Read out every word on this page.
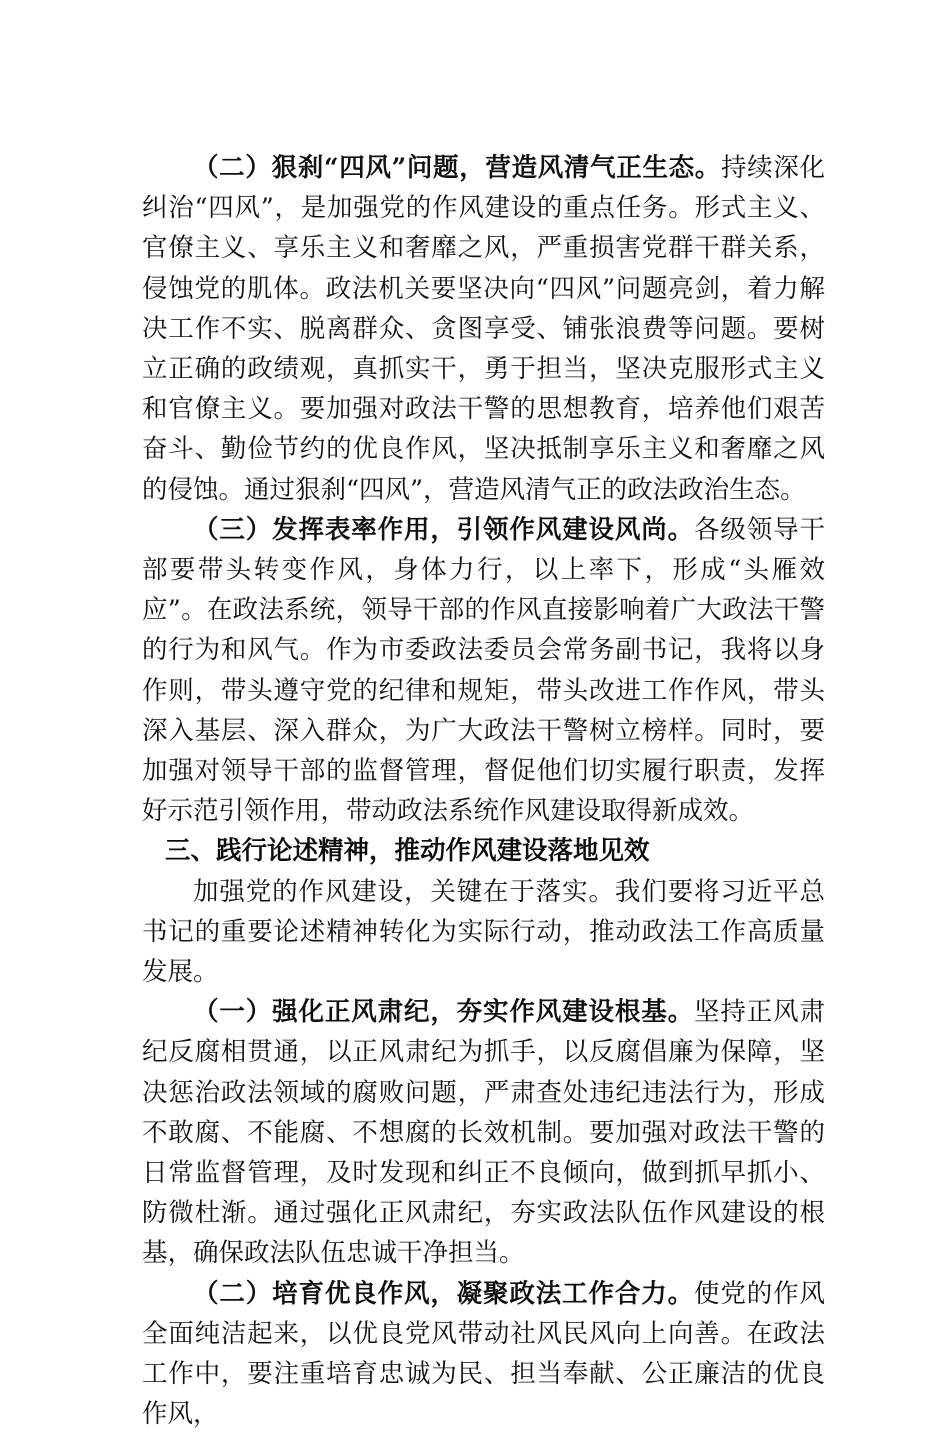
（二）狠刹“四风”问题，营造风清气正生态。持续深化纠治“四风”，是加强党的作风建设的重点任务。形式主义、官僚主义、享乐主义和奢靡之风，严重损害党群干群关系，侵蚀党的肌体。政法机关要坚决向“四风”问题亮剑，着力解决工作不实、脱离群众、贪图享受、铺张浪费等问题。要树立正确的政绩观，真抓实干，勇于担当，坚决克服形式主义和官僚主义。要加强对政法干警的思想教育，培养他们艰苦奋斗、勤俭节约的优良作风，坚决抵制享乐主义和奢靡之风的侵蚀。通过狠刹“四风”，营造风清气正的政法政治生态。

（三）发挥表率作用，引领作风建设风尚。各级领导干部要带头转变作风，身体力行，以上率下，形成“头雁效应”。在政法系统，领导干部的作风直接影响着广大政法干警的行为和风气。作为市委政法委员会常务副书记，我将以身作则，带头遵守党的纪律和规矩，带头改进工作作风，带头深入基层、深入群众，为广大政法干警树立榜样。同时，要加强对领导干部的监督管理，督促他们切实履行职责，发挥好示范引领作用，带动政法系统作风建设取得新成效。

三、践行论述精神，推动作风建设落地见效

加强党的作风建设，关键在于落实。我们要将习近平总书记的重要论述精神转化为实际行动，推动政法工作高质量发展。

（一）强化正风肃纪，夯实作风建设根基。坚持正风肃纪反腐相贯通，以正风肃纪为抓手，以反腐倡廉为保障，坚决惩治政法领域的腐败问题，严肃查处违纪违法行为，形成不敢腐、不能腐、不想腐的长效机制。要加强对政法干警的日常监督管理，及时发现和纠正不良倾向，做到抓早抓小、防微杜渐。通过强化正风肃纪，夯实政法队伍作风建设的根基，确保政法队伍忠诚干净担当。

（二）培育优良作风，凝聚政法工作合力。使党的作风全面纯洁起来，以优良党风带动社风民风向上向善。在政法工作中，要注重培育忠诚为民、担当奉献、公正廉洁的优良作风，
